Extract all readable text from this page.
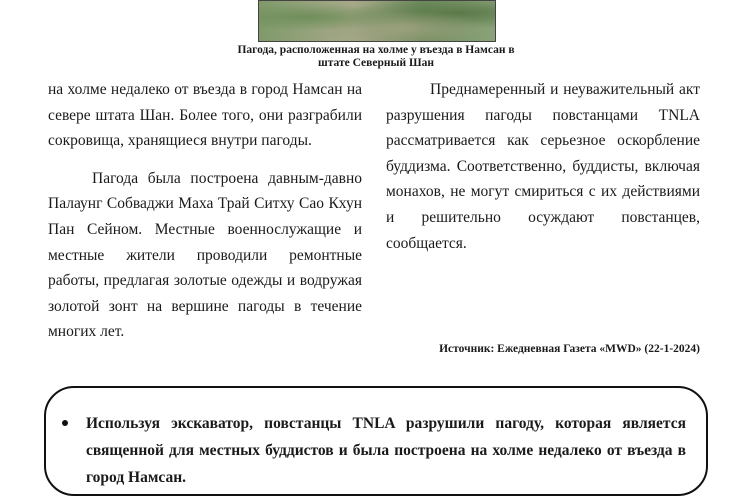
Пагода, расположенная на холме у въезда в Намсан в
штате Северный Шан

на холме недалеко от въезда в город Намсан на севере штата Шан. Более того, они разграбили сокровища, хранящиеся внутри пагоды.

Пагода была построена давным-давно Палаунг Собваджи Маха Трай Ситху Сао Кхун Пан Сейном. Местные военнослужащие и местные жители проводили ремонтные работы, предлагая золотые одежды и водружая золотой зонт на вершине пагоды в течение многих лет.

Преднамеренный и неуважительный акт разрушения пагоды повстанцами TNLA рассматривается как серьезное оскорбление буддизма. Соответственно, буддисты, включая монахов, не могут смириться с их действиями и решительно осуждают повстанцев, сообщается.

Источник: Ежедневная Газета «MWD» (22-1-2024)
Используя экскаватор, повстанцы TNLA разрушили пагоду, которая является священной для местных буддистов и была построена на холме недалеко от въезда в город Намсан.
